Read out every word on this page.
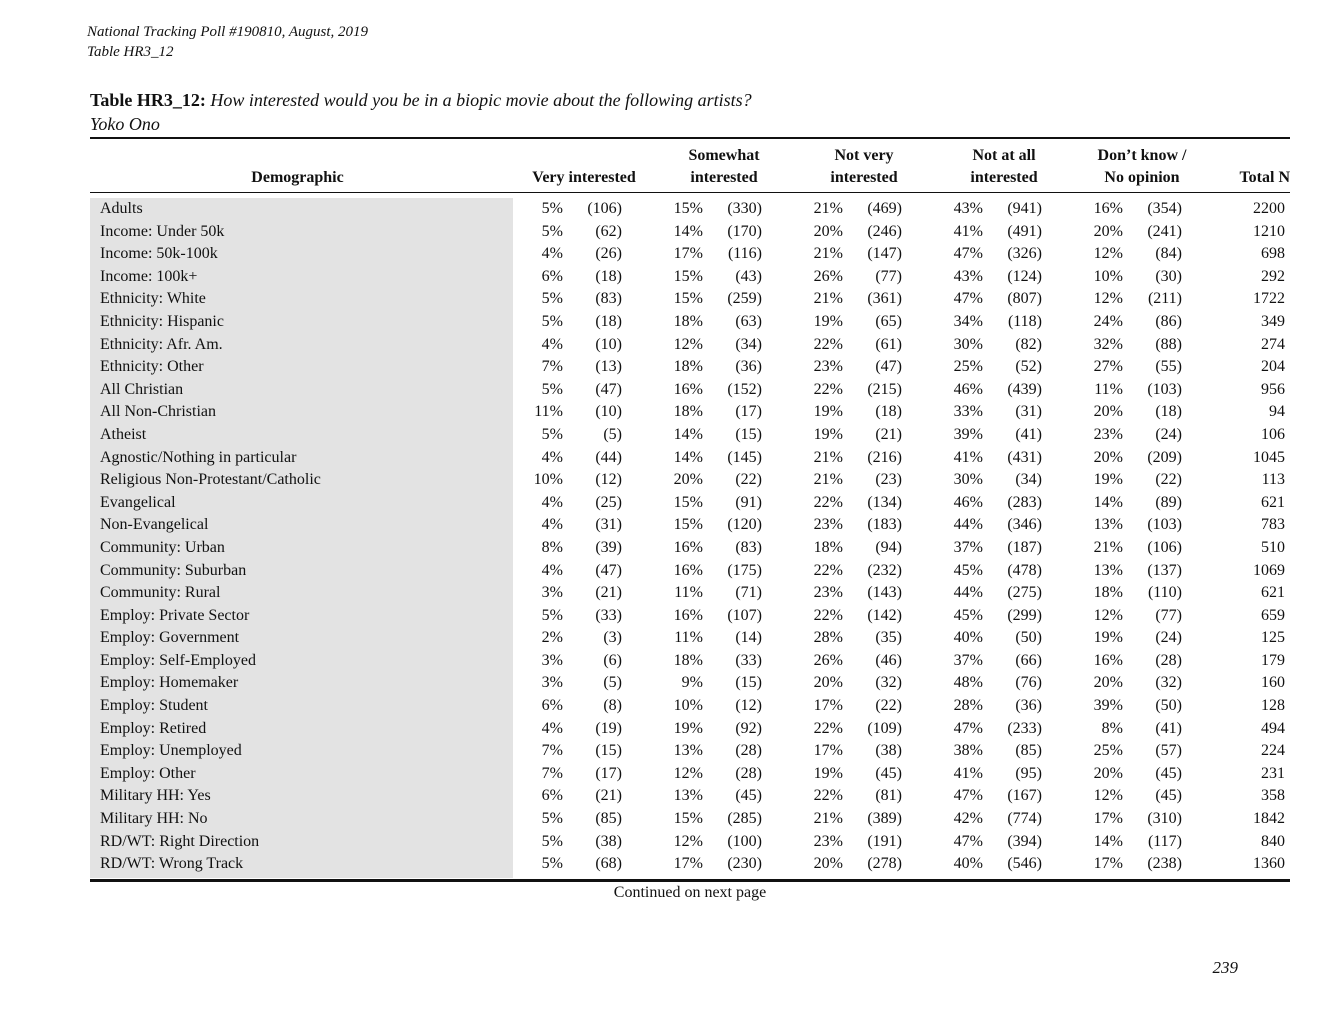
National Tracking Poll #190810, August, 2019
Table HR3_12
Table HR3_12: How interested would you be in a biopic movie about the following artists?
Yoko Ono
Demographic	Very interested
Somewhat
interested
Not very
interested
Not at all
interested
Don’t know /
No opinion	Total N
Adults	5%	(106)	15%	(330)	21%	(469)	43%	(941)	16%	(354)	2200
Income: Under 50k	5%	(62)	14%	(170)	20%	(246)	41%	(491)	20%	(241)	1210
Income: 50k-100k	4%	(26)	17%	(116)	21%	(147)	47%	(326)	12%	(84)	698
Income: 100k+	6%	(18)	15%	(43)	26%	(77)	43%	(124)	10%	(30)	292
Ethnicity: White	5%	(83)	15%	(259)	21%	(361)	47%	(807)	12%	(211)	1722
Ethnicity: Hispanic	5%	(18)	18%	(63)	19%	(65)	34%	(118)	24%	(86)	349
Ethnicity: Afr. Am.	4%	(10)	12%	(34)	22%	(61)	30%	(82)	32%	(88)	274
Ethnicity: Other	7%	(13)	18%	(36)	23%	(47)	25%	(52)	27%	(55)	204
All Christian	5%	(47)	16%	(152)	22%	(215)	46%	(439)	11%	(103)	956
All Non-Christian	11%	(10)	18%	(17)	19%	(18)	33%	(31)	20%	(18)	94
Atheist	5%	(5)	14%	(15)	19%	(21)	39%	(41)	23%	(24)	106
Agnostic/Nothing in particular	4%	(44)	14%	(145)	21%	(216)	41%	(431)	20%	(209)	1045
Religious Non-Protestant/Catholic	10%	(12)	20%	(22)	21%	(23)	30%	(34)	19%	(22)	113
Evangelical	4%	(25)	15%	(91)	22%	(134)	46%	(283)	14%	(89)	621
Non-Evangelical	4%	(31)	15%	(120)	23%	(183)	44%	(346)	13%	(103)	783
Community: Urban	8%	(39)	16%	(83)	18%	(94)	37%	(187)	21%	(106)	510
Community: Suburban	4%	(47)	16%	(175)	22%	(232)	45%	(478)	13%	(137)	1069
Community: Rural	3%	(21)	11%	(71)	23%	(143)	44%	(275)	18%	(110)	621
Employ: Private Sector	5%	(33)	16%	(107)	22%	(142)	45%	(299)	12%	(77)	659
Employ: Government	2%	(3)	11%	(14)	28%	(35)	40%	(50)	19%	(24)	125
Employ: Self-Employed	3%	(6)	18%	(33)	26%	(46)	37%	(66)	16%	(28)	179
Employ: Homemaker	3%	(5)	9%	(15)	20%	(32)	48%	(76)	20%	(32)	160
Employ: Student	6%	(8)	10%	(12)	17%	(22)	28%	(36)	39%	(50)	128
Employ: Retired	4%	(19)	19%	(92)	22%	(109)	47%	(233)	8%	(41)	494
Employ: Unemployed	7%	(15)	13%	(28)	17%	(38)	38%	(85)	25%	(57)	224
Employ: Other	7%	(17)	12%	(28)	19%	(45)	41%	(95)	20%	(45)	231
Military HH: Yes	6%	(21)	13%	(45)	22%	(81)	47%	(167)	12%	(45)	358
Military HH: No	5%	(85)	15%	(285)	21%	(389)	42%	(774)	17%	(310)	1842
RD/WT: Right Direction	5%	(38)	12%	(100)	23%	(191)	47%	(394)	14%	(117)	840
RD/WT: Wrong Track	5%	(68)	17%	(230)	20%	(278)	40%	(546)	17%	(238)	1360
Continued on next page
239
